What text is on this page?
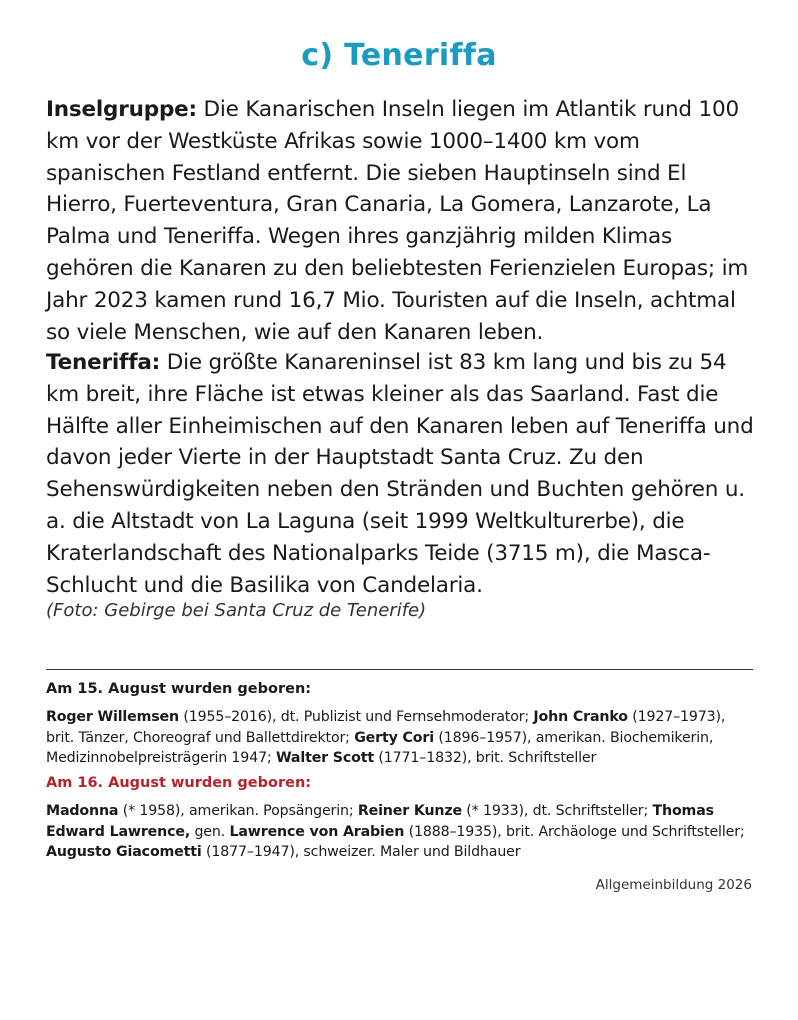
c) Teneriffa

Inselgruppe: Die Kanarischen Inseln liegen im Atlantik rund 100 km vor der Westküste Afrikas sowie 1000–1400 km vom spanischen Festland entfernt. Die sieben Hauptinseln sind El Hierro, Fuerteventura, Gran Canaria, La Gomera, Lanzarote, La Palma und Teneriffa. Wegen ihres ganzjährig milden Klimas gehören die Kanaren zu den beliebtesten Ferienzielen Europas; im Jahr 2023 kamen rund 16,7 Mio. Touristen auf die Inseln, achtmal so viele Menschen, wie auf den Kanaren leben.

Teneriffa: Die größte Kanareninsel ist 83 km lang und bis zu 54 km breit, ihre Fläche ist etwas kleiner als das Saarland. Fast die Hälfte aller Einheimischen auf den Kanaren leben auf Teneriffa und davon jeder Vierte in der Hauptstadt Santa Cruz. Zu den Sehenswürdigkeiten neben den Stränden und Buchten gehören u. a. die Altstadt von La Laguna (seit 1999 Weltkulturerbe), die Kraterlandschaft des Nationalparks Teide (3715 m), die Masca-Schlucht und die Basilika von Candelaria.

(Foto: Gebirge bei Santa Cruz de Tenerife)
Am 15. August wurden geboren:

Roger Willemsen (1955–2016), dt. Publizist und Fernsehmoderator; John Cranko (1927–1973), brit. Tänzer, Choreograf und Ballettdirektor; Gerty Cori (1896–1957), amerikan. Biochemikerin, Medizinnobelpreisträgerin 1947; Walter Scott (1771–1832), brit. Schriftsteller

Am 16. August wurden geboren:

Madonna (* 1958), amerikan. Popsängerin; Reiner Kunze (* 1933), dt. Schriftsteller; Thomas Edward Lawrence, gen. Lawrence von Arabien (1888–1935), brit. Archäologe und Schriftsteller; Augusto Giacometti (1877–1947), schweizer. Maler und Bildhauer

Allgemeinbildung 2026
